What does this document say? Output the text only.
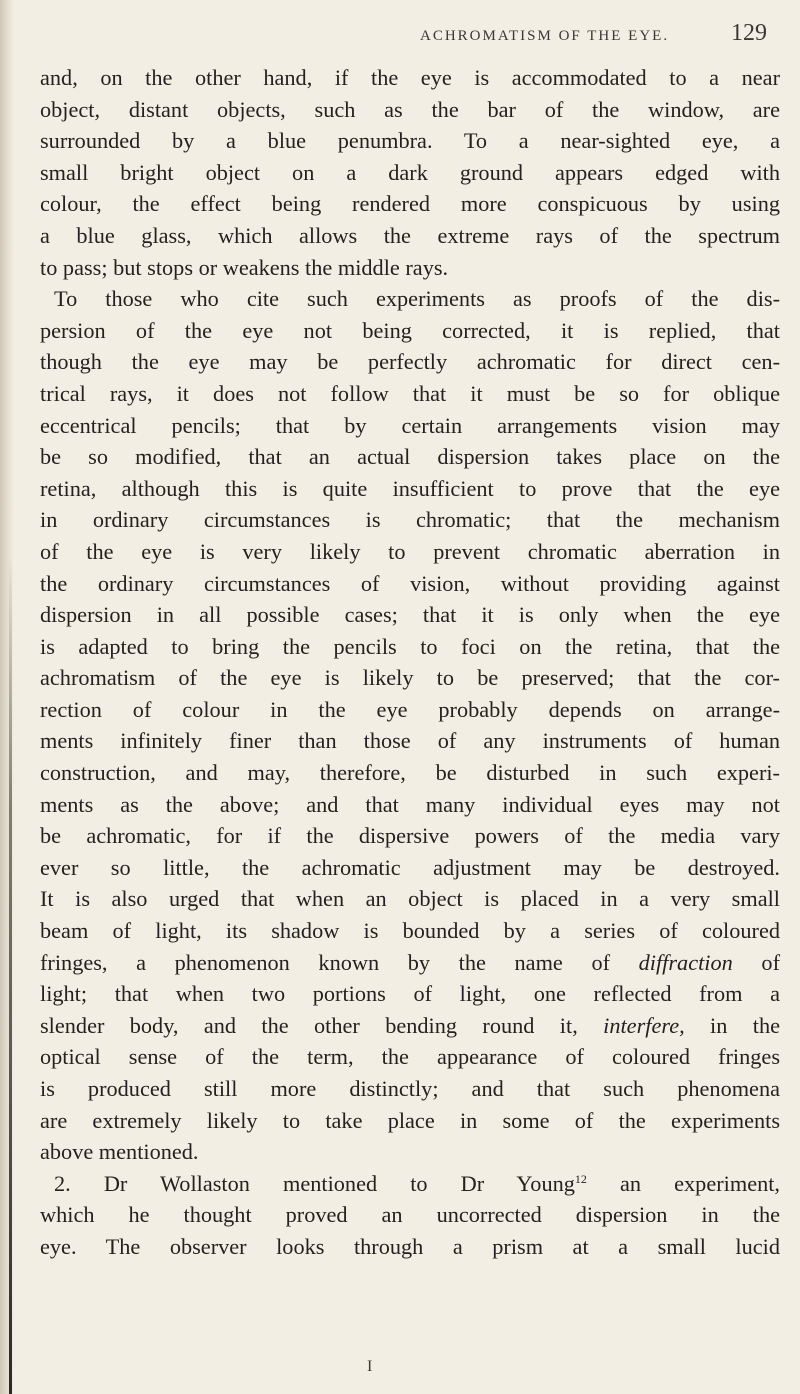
ACHROMATISM OF THE EYE.	129
and, on the other hand, if the eye is accommodated to a near
object, distant objects, such as the bar of the window, are
surrounded by a blue penumbra. To a near-sighted eye, a
small bright object on a dark ground appears edged with
colour, the effect being rendered more conspicuous by using
a blue glass, which allows the extreme rays of the spectrum
to pass; but stops or weakens the middle rays.
To those who cite such experiments as proofs of the dis-
persion of the eye not being corrected, it is replied, that
though the eye may be perfectly achromatic for direct cen-
trical rays, it does not follow that it must be so for oblique
eccentrical pencils; that by certain arrangements vision may
be so modified, that an actual dispersion takes place on the
retina, although this is quite insufficient to prove that the eye
in ordinary circumstances is chromatic; that the mechanism
of the eye is very likely to prevent chromatic aberration in
the ordinary circumstances of vision, without providing against
dispersion in all possible cases; that it is only when the eye
is adapted to bring the pencils to foci on the retina, that the
achromatism of the eye is likely to be preserved; that the cor-
rection of colour in the eye probably depends on arrange-
ments infinitely finer than those of any instruments of human
construction, and may, therefore, be disturbed in such experi-
ments as the above; and that many individual eyes may not
be achromatic, for if the dispersive powers of the media vary
ever so little, the achromatic adjustment may be destroyed.
It is also urged that when an object is placed in a very small
beam of light, its shadow is bounded by a series of coloured
fringes, a phenomenon known by the name of diffraction of
light; that when two portions of light, one reflected from a
slender body, and the other bending round it, interfere, in the
optical sense of the term, the appearance of coloured fringes
is produced still more distinctly; and that such phenomena
are extremely likely to take place in some of the experiments
above mentioned.
2. Dr Wollaston mentioned to Dr Young$^{12}$ an experiment,
which he thought proved an uncorrected dispersion in the
eye. The observer looks through a prism at a small lucid
I
